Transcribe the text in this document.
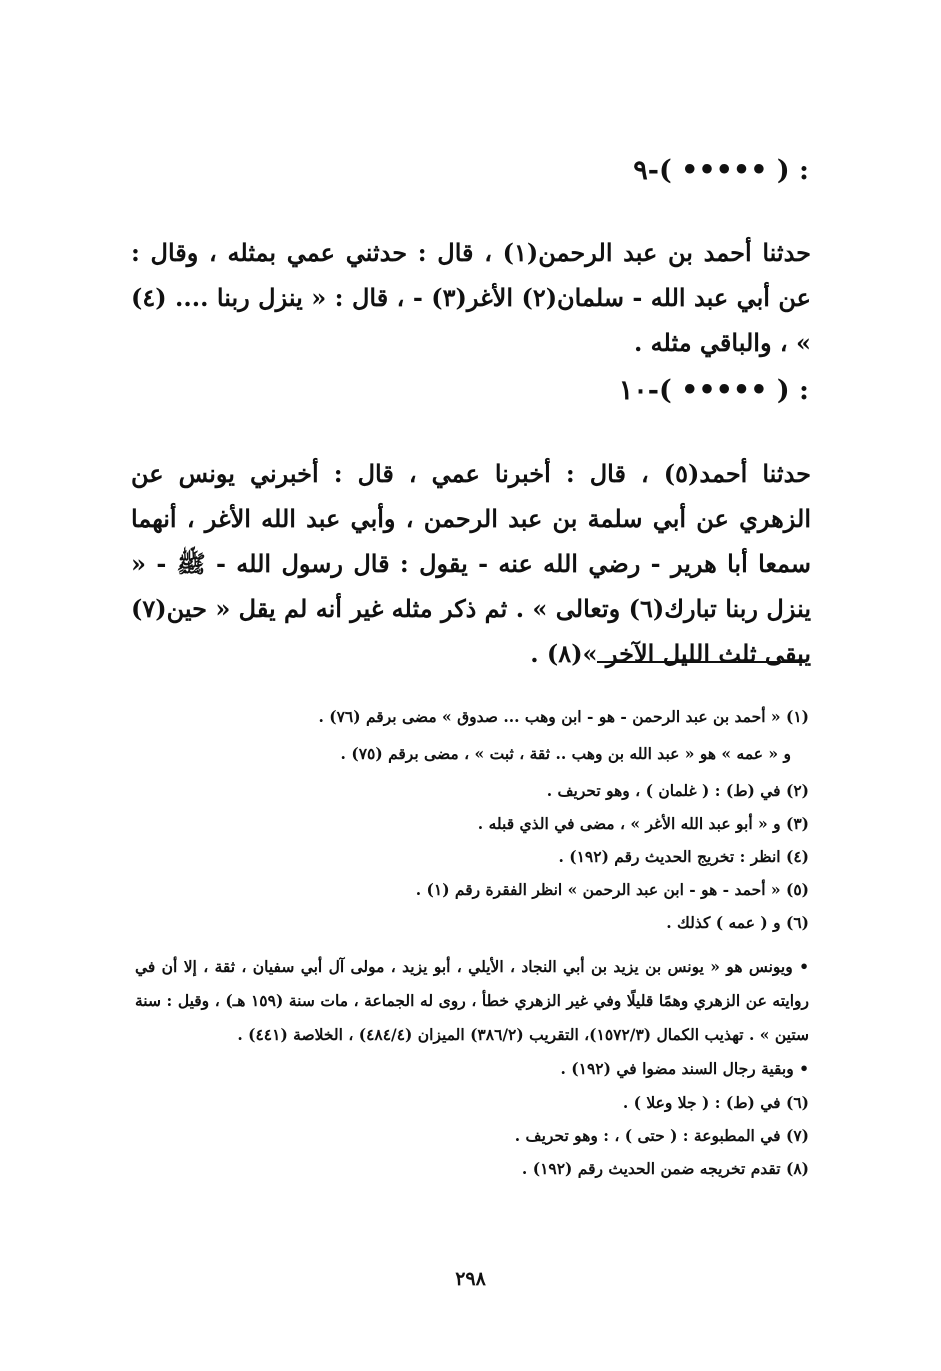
٩-( ••••• ) :
حدثنا أحمد بن عبد الرحمن(١) ، قال : حدثني عمي بمثله ، وقال : عن أبي عبد الله - سلمان(٢) الأغر(٣) - ، قال : « ينزل ربنا .... (٤) » ، والباقي مثله .
١٠-( ••••• ) :
حدثنا أحمد(٥) ، قال : أخبرنا عمي ، قال : أخبرني يونس عن الزهري عن أبي سلمة بن عبد الرحمن ، وأبي عبد الله الأغر ، أنهما سمعا أبا هرير - رضي الله عنه - يقول : قال رسول الله - ﷺ - « ينزل ربنا تبارك(٦) وتعالى » . ثم ذكر مثله غير أنه لم يقل « حين(٧) يبقى ثلث الليل الآخر »(٨) .
(١) « أحمد بن عبد الرحمن - هو - ابن وهب ... صدوق » مضى برقم (٧٦) .
و « عمه » هو « عبد الله بن وهب .. ثقة ، ثبت » ، مضى برقم (٧٥) .
(٢) في (ط) : ( غلمان ) ، وهو تحريف .
(٣) و « أبو عبد الله الأغر » ، مضى في الذي قبله .
(٤) انظر : تخريج الحديث رقم (١٩٢) .
(٥) « أحمد - هو - ابن عبد الرحمن » انظر الفقرة رقم (١) .
(٦) و ( عمه ) كذلك .
• ويونس هو « يونس بن يزيد بن أبي النجاد ، الأيلي ، أبو يزيد ، مولى آل أبي سفيان ، ثقة ، إلا أن في روايته عن الزهري وهمًا قليلًا وفي غير الزهري خطأ ، روى له الجماعة ، مات سنة (١٥٩ هـ) ، وقيل : سنة ستين » . تهذيب الكمال (١٥٧٢/٣)، التقريب (٣٨٦/٢) الميزان (٤٨٤/٤) ، الخلاصة (٤٤١) .
• وبقية رجال السند مضوا في (١٩٢) .
(٦) في (ط) : ( جلا وعلا ) .
(٧) في المطبوعة : ( حتى ) ، : وهو تحريف .
(٨) تقدم تخريجه ضمن الحديث رقم (١٩٢) .
٢٩٨
